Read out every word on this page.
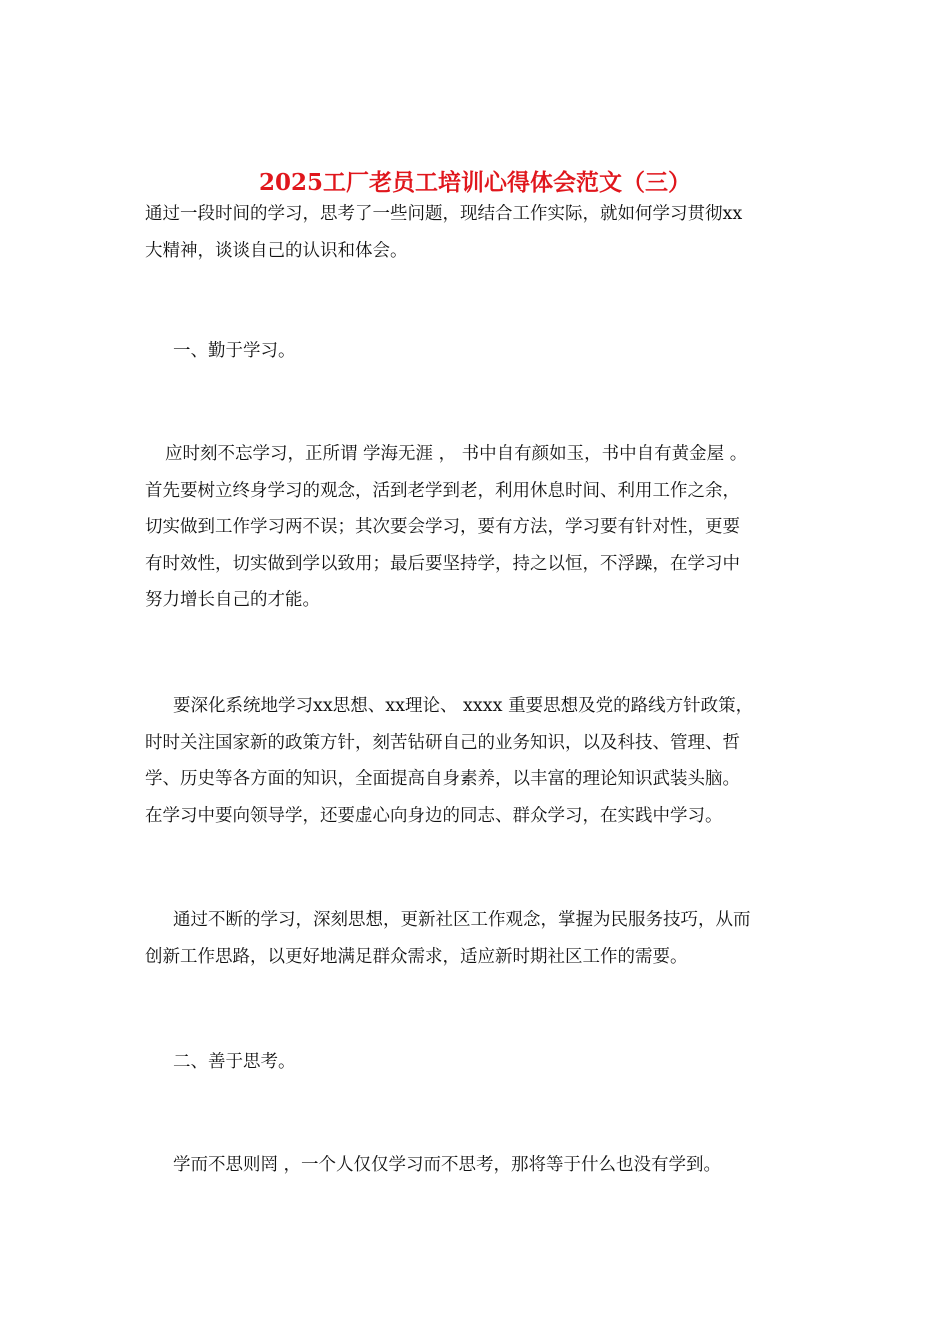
2025工厂老员工培训心得体会范文（三）

通过一段时间的学习，思考了一些问题，现结合工作实际，就如何学习贯彻xx
大精神，谈谈自己的认识和体会。

一、勤于学习。

应时刻不忘学习，正所谓 学海无涯 ， 书中自有颜如玉，书中自有黄金屋 。
首先要树立终身学习的观念，活到老学到老，利用休息时间、利用工作之余，
切实做到工作学习两不误；其次要会学习，要有方法，学习要有针对性，更要
有时效性，切实做到学以致用；最后要坚持学，持之以恒，不浮躁，在学习中
努力增长自己的才能。

要深化系统地学习xx思想、xx理论、 xxxx 重要思想及党的路线方针政策，
时时关注国家新的政策方针，刻苦钻研自己的业务知识，以及科技、管理、哲
学、历史等各方面的知识，全面提高自身素养，以丰富的理论知识武装头脑。
在学习中要向领导学，还要虚心向身边的同志、群众学习，在实践中学习。

通过不断的学习，深刻思想，更新社区工作观念，掌握为民服务技巧，从而
创新工作思路，以更好地满足群众需求，适应新时期社区工作的需要。

二、善于思考。

学而不思则罔 ，一个人仅仅学习而不思考，那将等于什么也没有学到。
